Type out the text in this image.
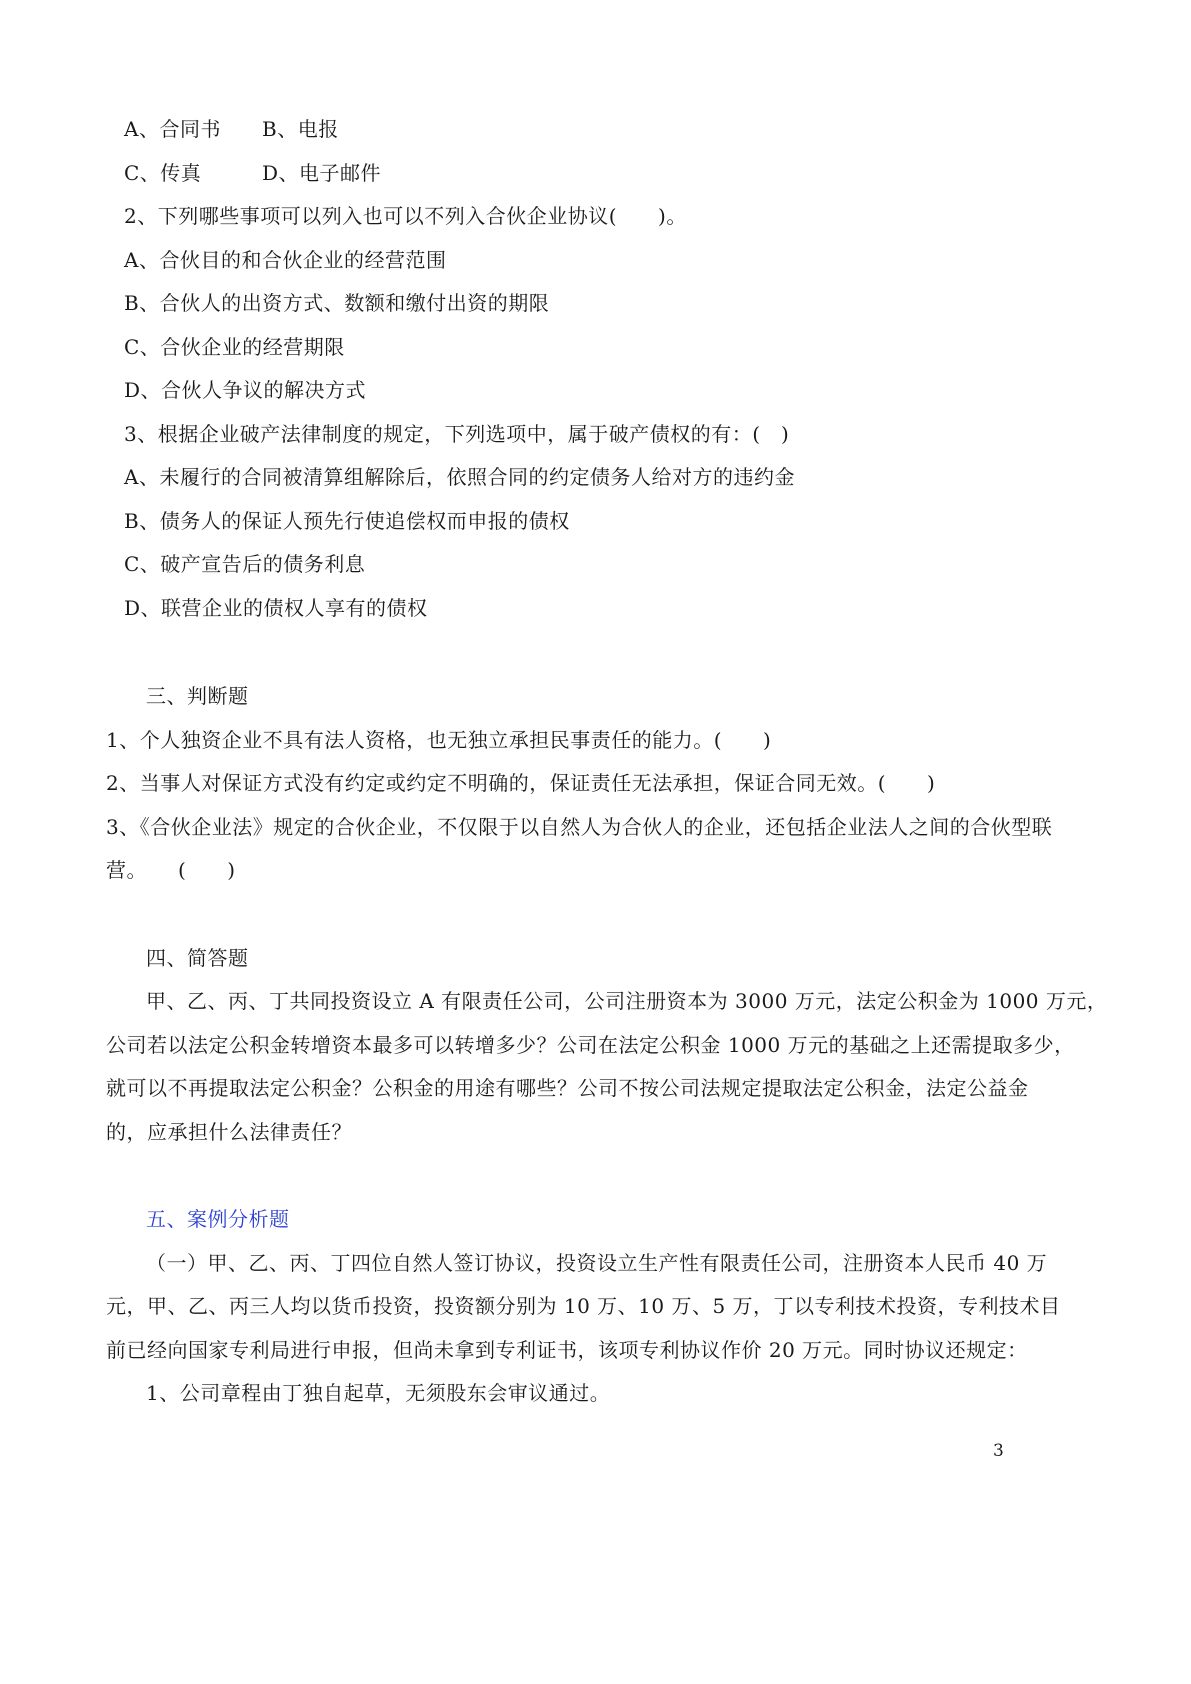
A、合同书 B、电报
C、传真	D、电子邮件
2、下列哪些事项可以列入也可以不列入合伙企业协议(　　)。
A、合伙目的和合伙企业的经营范围
B、合伙人的出资方式、数额和缴付出资的期限
C、合伙企业的经营期限
D、合伙人争议的解决方式
3、根据企业破产法律制度的规定，下列选项中，属于破产债权的有：(　)
A、未履行的合同被清算组解除后，依照合同的约定债务人给对方的违约金
B、债务人的保证人预先行使追偿权而申报的债权
C、破产宣告后的债务利息
D、联营企业的债权人享有的债权
三、判断题
1、个人独资企业不具有法人资格，也无独立承担民事责任的能力。(　　)
2、当事人对保证方式没有约定或约定不明确的，保证责任无法承担，保证合同无效。(　　)
3、《合伙企业法》规定的合伙企业，不仅限于以自然人为合伙人的企业，还包括企业法人之间的合伙型联
营。　　(　　)
四、简答题
甲、乙、丙、丁共同投资设立 A 有限责任公司，公司注册资本为 3000 万元，法定公积金为 1000 万元，
公司若以法定公积金转增资本最多可以转增多少？公司在法定公积金 1000 万元的基础之上还需提取多少，
就可以不再提取法定公积金？公积金的用途有哪些？公司不按公司法规定提取法定公积金，法定公益金
的，应承担什么法律责任？
五、案例分析题
（一）甲、乙、丙、丁四位自然人签订协议，投资设立生产性有限责任公司，注册资本人民币 40 万
元，甲、乙、丙三人均以货币投资，投资额分别为 10 万、10 万、5 万，丁以专利技术投资，专利技术目
前已经向国家专利局进行申报，但尚未拿到专利证书，该项专利协议作价 20 万元。同时协议还规定：
1、公司章程由丁独自起草，无须股东会审议通过。
3
